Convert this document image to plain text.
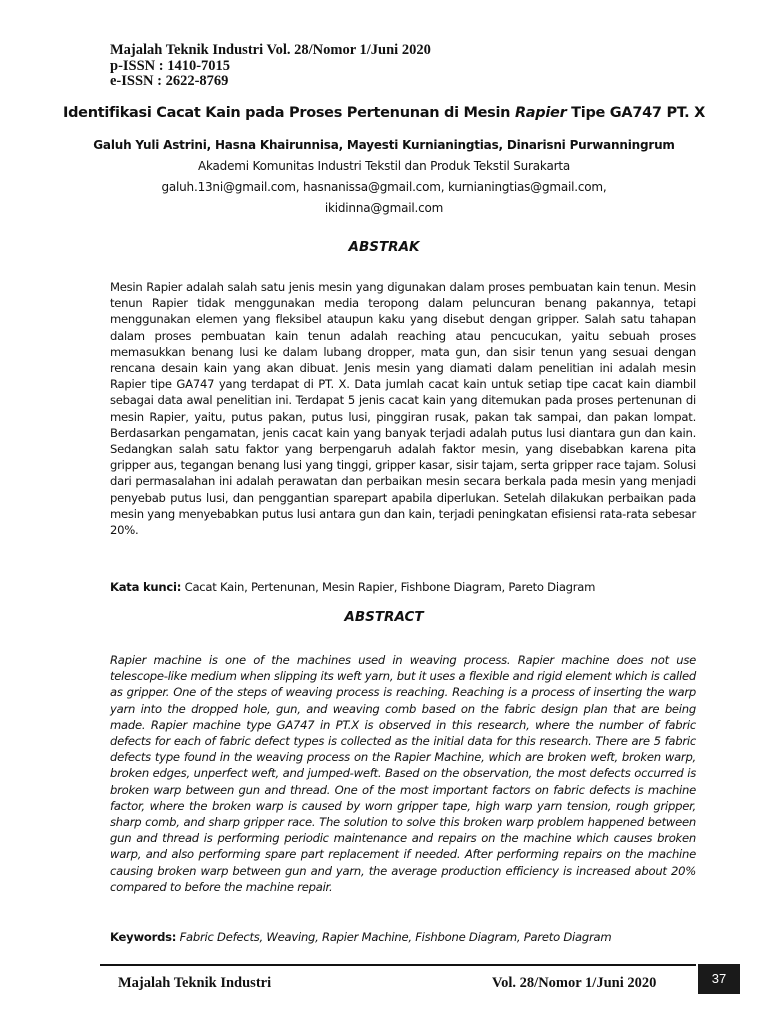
Majalah Teknik Industri Vol. 28/Nomor 1/Juni 2020
p-ISSN : 1410-7015
e-ISSN : 2622-8769
Identifikasi Cacat Kain pada Proses Pertenunan di Mesin Rapier Tipe GA747 PT. X
Galuh Yuli Astrini, Hasna Khairunnisa, Mayesti Kurnianingtias, Dinarisni Purwanningrum
Akademi Komunitas Industri Tekstil dan Produk Tekstil Surakarta
galuh.13ni@gmail.com, hasnanissa@gmail.com, kurnianingtias@gmail.com, ikidinna@gmail.com
ABSTRAK
Mesin Rapier adalah salah satu jenis mesin yang digunakan dalam proses pembuatan kain tenun. Mesin tenun Rapier tidak menggunakan media teropong dalam peluncuran benang pakannya, tetapi menggunakan elemen yang fleksibel ataupun kaku yang disebut dengan gripper. Salah satu tahapan dalam proses pembuatan kain tenun adalah reaching atau pencucukan, yaitu sebuah proses memasukkan benang lusi ke dalam lubang dropper, mata gun, dan sisir tenun yang sesuai dengan rencana desain kain yang akan dibuat. Jenis mesin yang diamati dalam penelitian ini adalah mesin Rapier tipe GA747 yang terdapat di PT. X. Data jumlah cacat kain untuk setiap tipe cacat kain diambil sebagai data awal penelitian ini. Terdapat 5 jenis cacat kain yang ditemukan pada proses pertenunan di mesin Rapier, yaitu, putus pakan, putus lusi, pinggiran rusak, pakan tak sampai, dan pakan lompat. Berdasarkan pengamatan, jenis cacat kain yang banyak terjadi adalah putus lusi diantara gun dan kain. Sedangkan salah satu faktor yang berpengaruh adalah faktor mesin, yang disebabkan karena pita gripper aus, tegangan benang lusi yang tinggi, gripper kasar, sisir tajam, serta gripper race tajam. Solusi dari permasalahan ini adalah perawatan dan perbaikan mesin secara berkala pada mesin yang menjadi penyebab putus lusi, dan penggantian sparepart apabila diperlukan. Setelah dilakukan perbaikan pada mesin yang menyebabkan putus lusi antara gun dan kain, terjadi peningkatan efisiensi rata-rata sebesar 20%.
Kata kunci: Cacat Kain, Pertenunan, Mesin Rapier, Fishbone Diagram, Pareto Diagram
ABSTRACT
Rapier machine is one of the machines used in weaving process. Rapier machine does not use telescope-like medium when slipping its weft yarn, but it uses a flexible and rigid element which is called as gripper. One of the steps of weaving process is reaching. Reaching is a process of inserting the warp yarn into the dropped hole, gun, and weaving comb based on the fabric design plan that are being made. Rapier machine type GA747 in PT.X is observed in this research, where the number of fabric defects for each of fabric defect types is collected as the initial data for this research. There are 5 fabric defects type found in the weaving process on the Rapier Machine, which are broken weft, broken warp, broken edges, unperfect weft, and jumped-weft. Based on the observation, the most defects occurred is broken warp between gun and thread. One of the most important factors on fabric defects is machine factor, where the broken warp is caused by worn gripper tape, high warp yarn tension, rough gripper, sharp comb, and sharp gripper race. The solution to solve this broken warp problem happened between gun and thread is performing periodic maintenance and repairs on the machine which causes broken warp, and also performing spare part replacement if needed. After performing repairs on the machine causing broken warp between gun and yarn, the average production efficiency is increased about 20% compared to before the machine repair.
Keywords: Fabric Defects, Weaving, Rapier Machine, Fishbone Diagram, Pareto Diagram
Majalah Teknik Industri	Vol. 28/Nomor 1/Juni 2020	37
